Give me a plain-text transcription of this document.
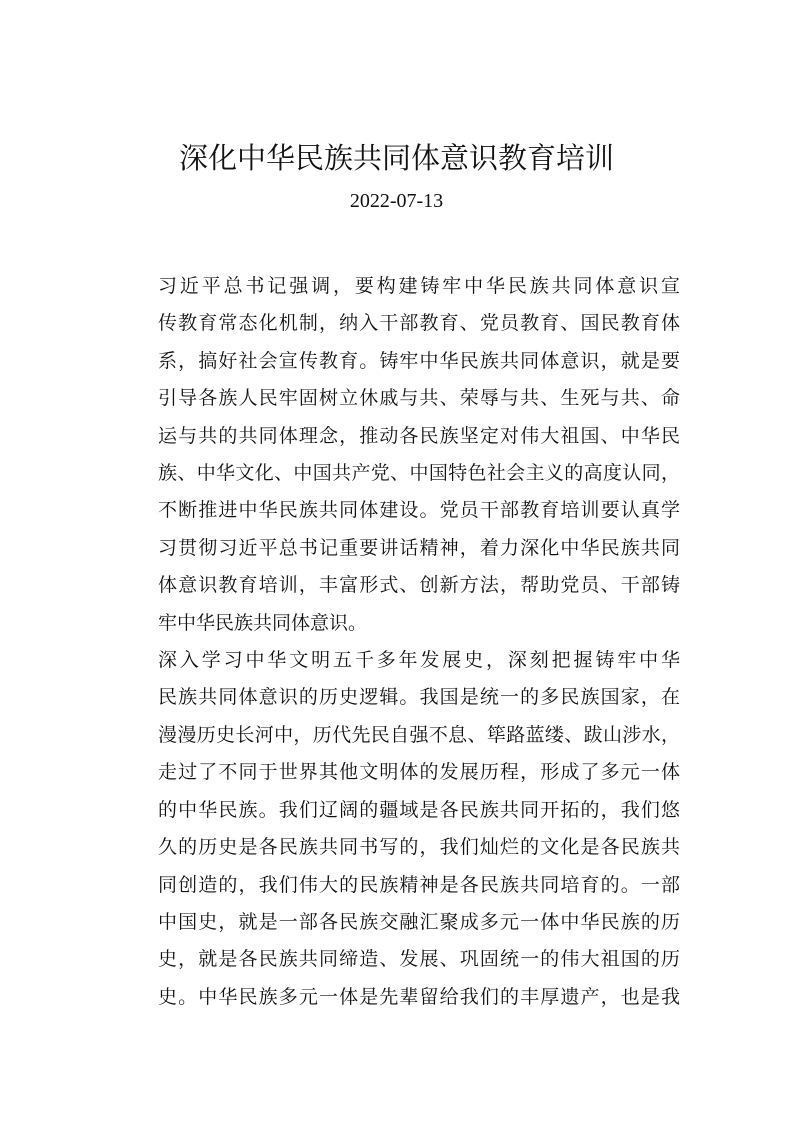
深化中华民族共同体意识教育培训
2022-07-13
习近平总书记强调，要构建铸牢中华民族共同体意识宣
传教育常态化机制，纳入干部教育、党员教育、国民教育体
系，搞好社会宣传教育。铸牢中华民族共同体意识，就是要
引导各族人民牢固树立休戚与共、荣辱与共、生死与共、命
运与共的共同体理念，推动各民族坚定对伟大祖国、中华民
族、中华文化、中国共产党、中国特色社会主义的高度认同，
不断推进中华民族共同体建设。党员干部教育培训要认真学
习贯彻习近平总书记重要讲话精神，着力深化中华民族共同
体意识教育培训，丰富形式、创新方法，帮助党员、干部铸
牢中华民族共同体意识。
深入学习中华文明五千多年发展史，深刻把握铸牢中华
民族共同体意识的历史逻辑。我国是统一的多民族国家，在
漫漫历史长河中，历代先民自强不息、筚路蓝缕、跋山涉水，
走过了不同于世界其他文明体的发展历程，形成了多元一体
的中华民族。我们辽阔的疆域是各民族共同开拓的，我们悠
久的历史是各民族共同书写的，我们灿烂的文化是各民族共
同创造的，我们伟大的民族精神是各民族共同培育的。一部
中国史，就是一部各民族交融汇聚成多元一体中华民族的历
史，就是各民族共同缔造、发展、巩固统一的伟大祖国的历
史。中华民族多元一体是先辈留给我们的丰厚遗产，也是我
